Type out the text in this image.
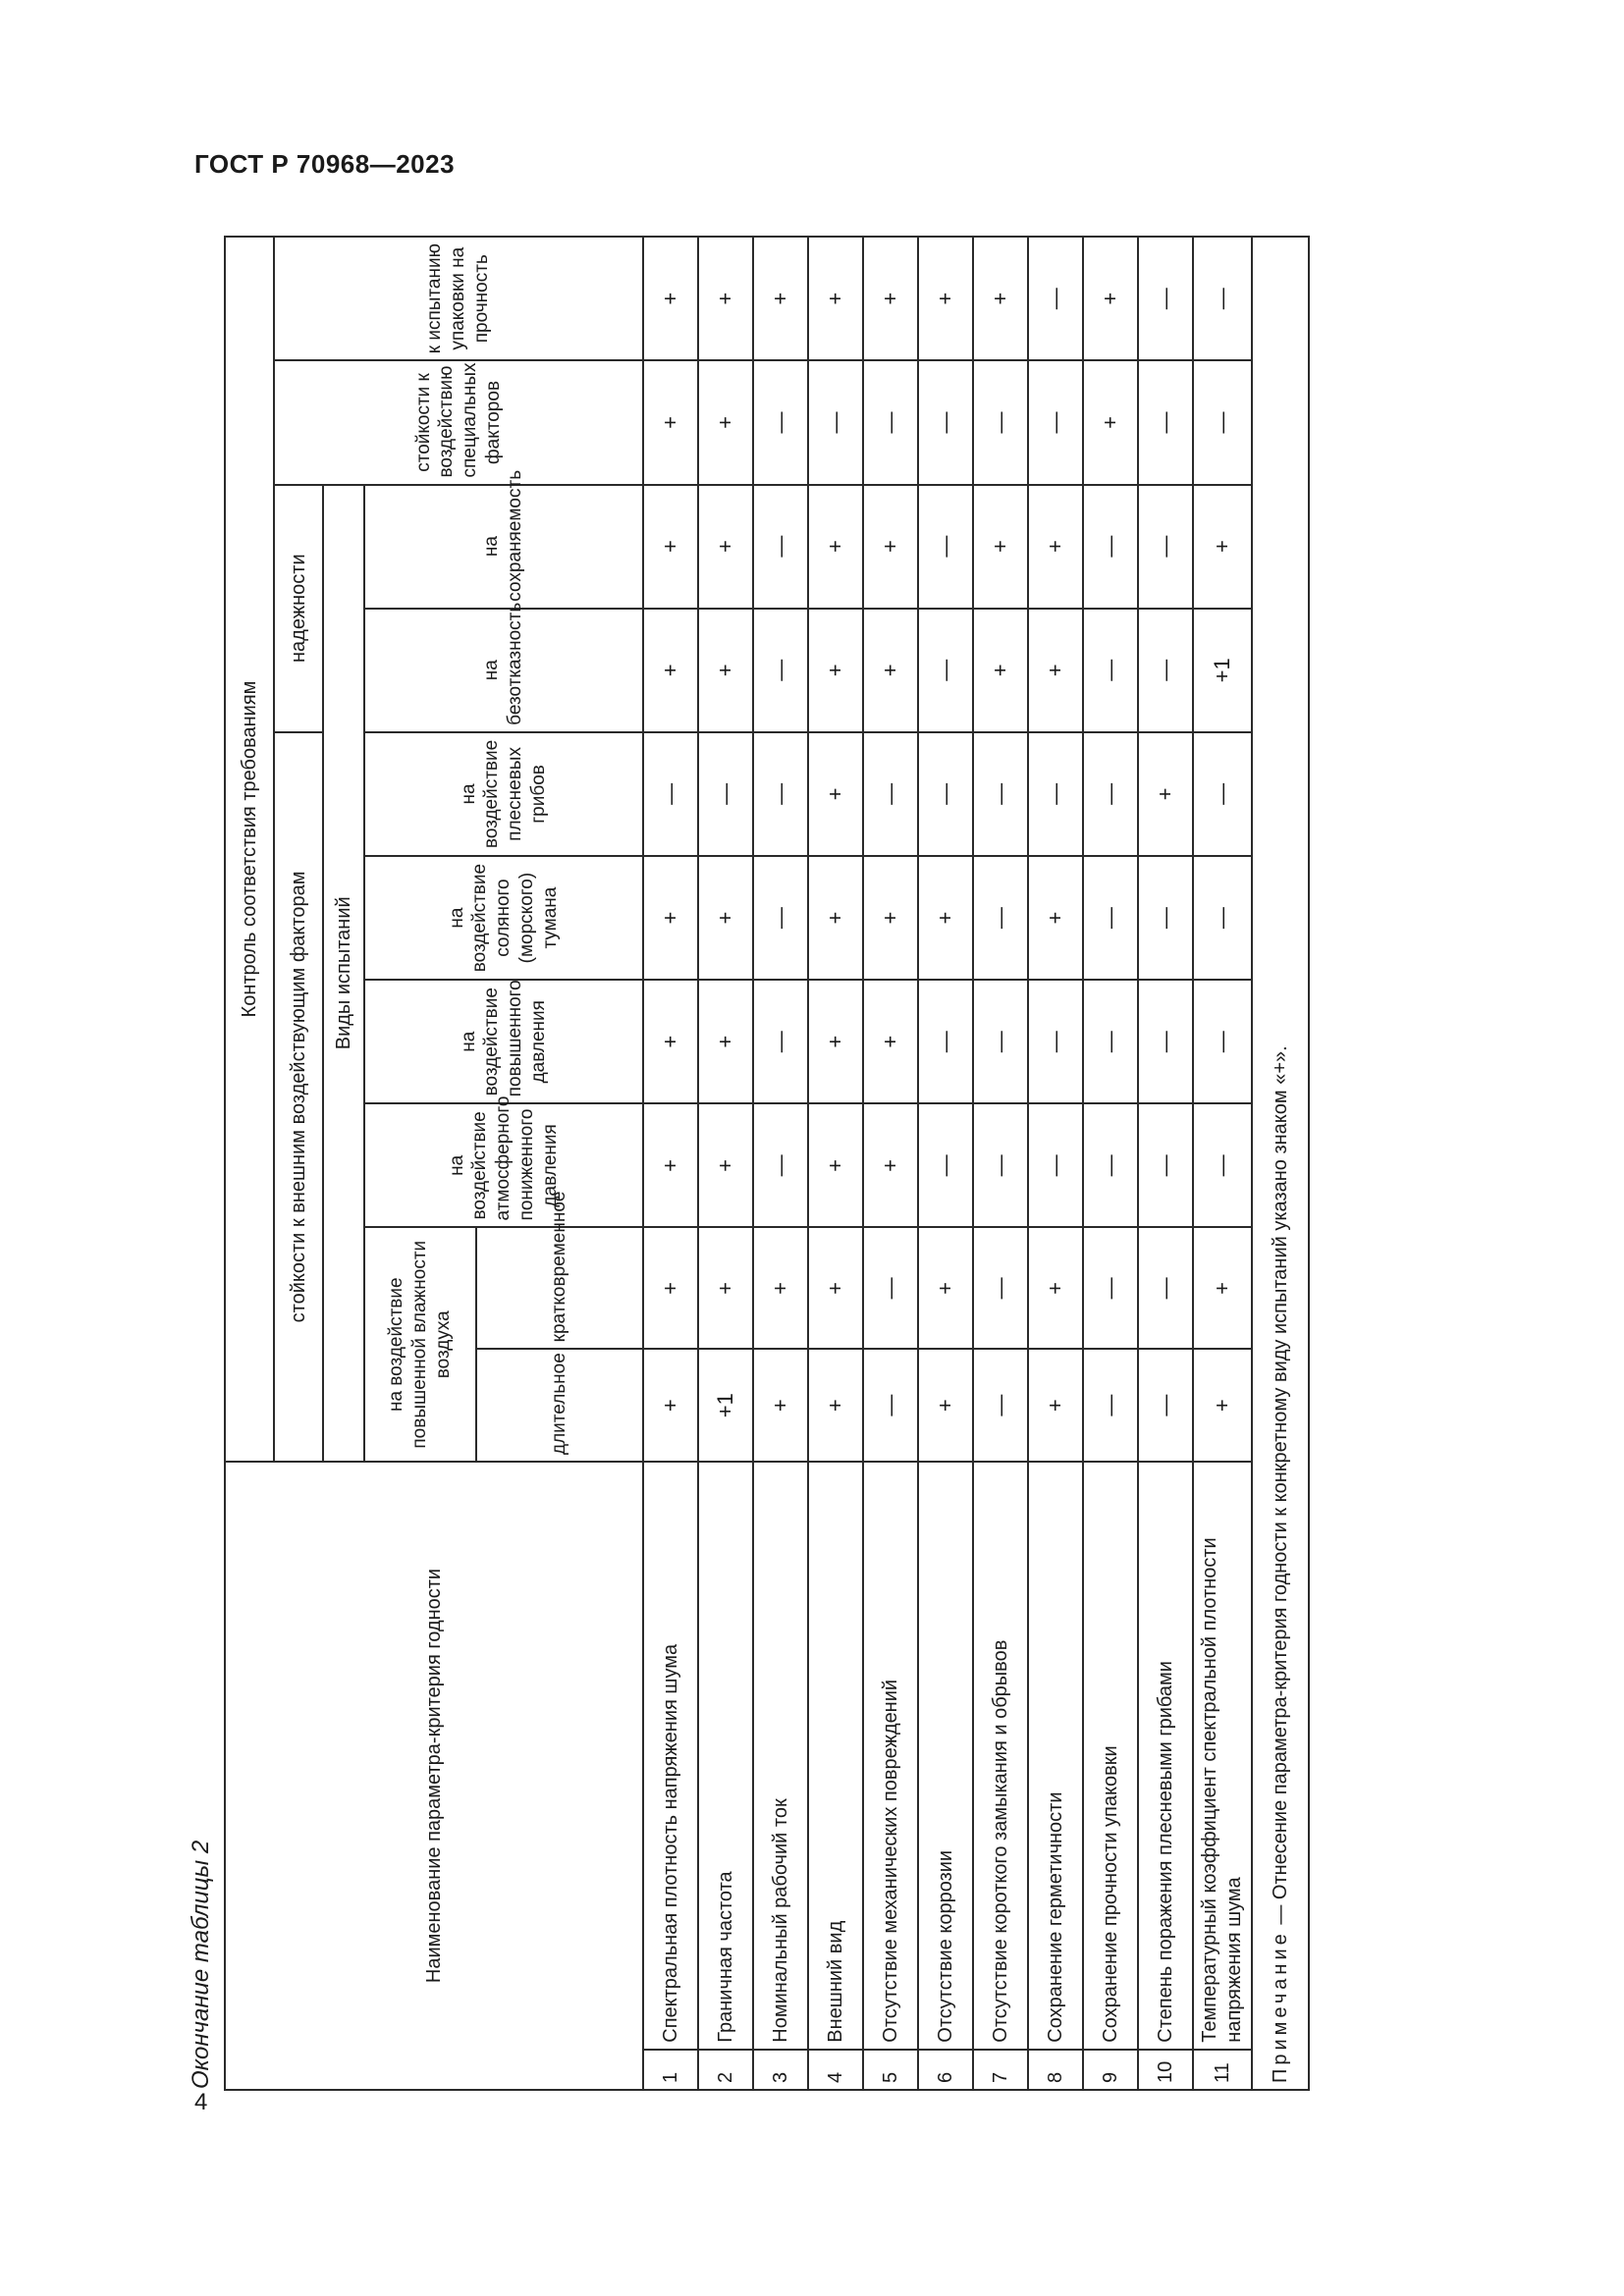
ГОСТ Р 70968—2023
Окончание таблицы 2	Наименование параметра-критерия годности		Контроль соответствия требованиям									
		стойкости к внешним воздействующим факторам						надежности		стойкости к воздействию специальных факторов	к испытанию упаковки на прочность
		Виды испытаний									
		на воздействие повышенной влажности воздуха		на воздействие атмосферного пониженного давления	на воздействие повышенного давления	на воздействие соляного (морского) тумана	на воздействие плесневых грибов	на безотказность	на сохраняемость		
		длительное	кратковременное								
1	Спектральная плотность напряжения шума	+	+	+	+	+	—	+	+	+	+
2	Граничная частота	+1	+	+	+	+	—	+	+	+	+
3	Номинальный рабочий ток	+	+	—	—	—	—	—	—	—	+
4	Внешний вид	+	+	+	+	+	+	+	+	—	+
5	Отсутствие механических повреждений	—	—	+	+	+	—	+	+	—	+
6	Отсутствие коррозии	+	+	—	—	+	—	—	—	—	+
7	Отсутствие короткого замыкания и обрывов	—	—	—	—	—	—	+	+	—	+
8	Сохранение герметичности	+	+	—	—	+	—	+	+	—	—
9	Сохранение прочности упаковки	—	—	—	—	—	—	—	—	+	+
10	Степень поражения плесневыми грибами	—	—	—	—	—	+	—	—	—	—
11	Температурный коэффициент спектральной плотности напряжения шума	+	+	—	—	—	—	+1	+	—	—
Примечание — Отнесение параметра-критерия годности к конкретному виду испытаний указано знаком «+».											
4
